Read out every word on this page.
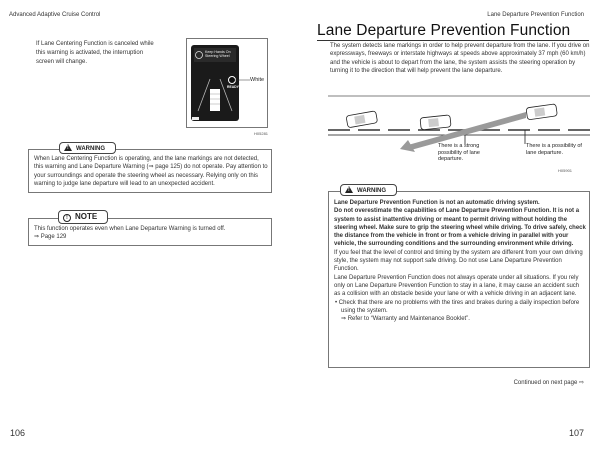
Advanced Adaptive Cruise Control
If Lane Centering Function is canceled while this warning is activated, the interruption screen will change.
Keep Hands On Steering Wheel
READY
White
H05281
!WARNING
When Lane Centering Function is operating, and the lane markings are not detected, this warning and Lane Departure Warning (⇒ page 125) do not operate. Pay attention to your surroundings and operate the steering wheel as necessary. Relying only on this warning to judge lane departure will lead to an unexpected accident.
! NOTE
This function operates even when Lane Departure Warning is turned off.
⇒ Page 129
106
Lane Departure Prevention Function
Lane Departure Prevention Function
The system detects lane markings in order to help prevent departure from the lane. If you drive on expressways, freeways or interstate highways at speeds above approximately 37 mph (60 km/h) and the vehicle is about to depart from the lane, the system assists the steering operation by turning it to the direction that will help prevent the lane departure.
There is a strong possibility of lane departure.
There is a possibility of lane departure.
H05901
!WARNING
Lane Departure Prevention Function is not an automatic driving system.
Do not overestimate the capabilities of Lane Departure Prevention Function. It is not a system to assist inattentive driving or meant to permit driving without holding the steering wheel. Make sure to grip the steering wheel while driving. To drive safely, check the distance from the vehicle in front or from a vehicle driving in parallel with your vehicle, the surrounding conditions and the surrounding environment while driving.
If you feel that the level of control and timing by the system are different from your own driving style, the system may not support safe driving. Do not use Lane Departure Prevention Function.
Lane Departure Prevention Function does not always operate under all situations. If you rely only on Lane Departure Prevention Function to stay in a lane, it may cause an accident such as a collision with an obstacle beside your lane or with a vehicle driving in an adjacent lane.
• Check that there are no problems with the tires and brakes during a daily inspection before using the system.
⇒ Refer to “Warranty and Maintenance Booklet”.
Continued on next page ⇨
107
